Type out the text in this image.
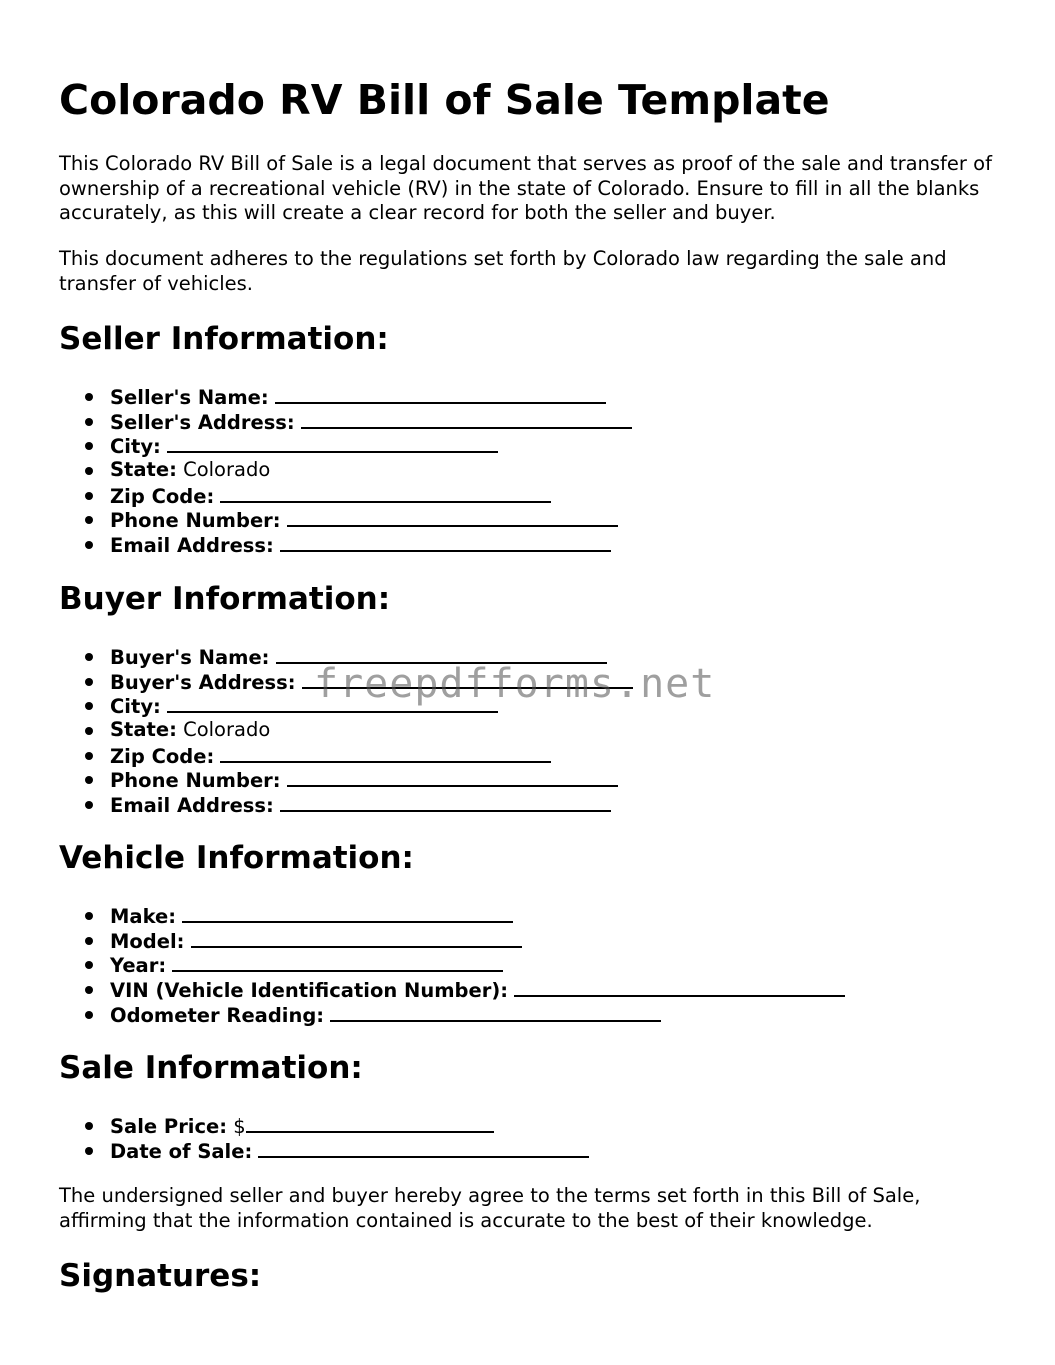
Colorado RV Bill of Sale Template

This Colorado RV Bill of Sale is a legal document that serves as proof of the sale and transfer of ownership of a recreational vehicle (RV) in the state of Colorado. Ensure to fill in all the blanks accurately, as this will create a clear record for both the seller and buyer.

This document adheres to the regulations set forth by Colorado law regarding the sale and transfer of vehicles.

Seller Information:
Seller's Name:
Seller's Address:
City:
State: Colorado
Zip Code:
Phone Number:
Email Address:
Buyer Information:
Buyer's Name:
Buyer's Address:
City:
State: Colorado
Zip Code:
Phone Number:
Email Address:
Vehicle Information:
Make:
Model:
Year:
VIN (Vehicle Identification Number):
Odometer Reading:
Sale Information:
Sale Price: $
Date of Sale:

The undersigned seller and buyer hereby agree to the terms set forth in this Bill of Sale, affirming that the information contained is accurate to the best of their knowledge.

Signatures:
freepdfforms.net
